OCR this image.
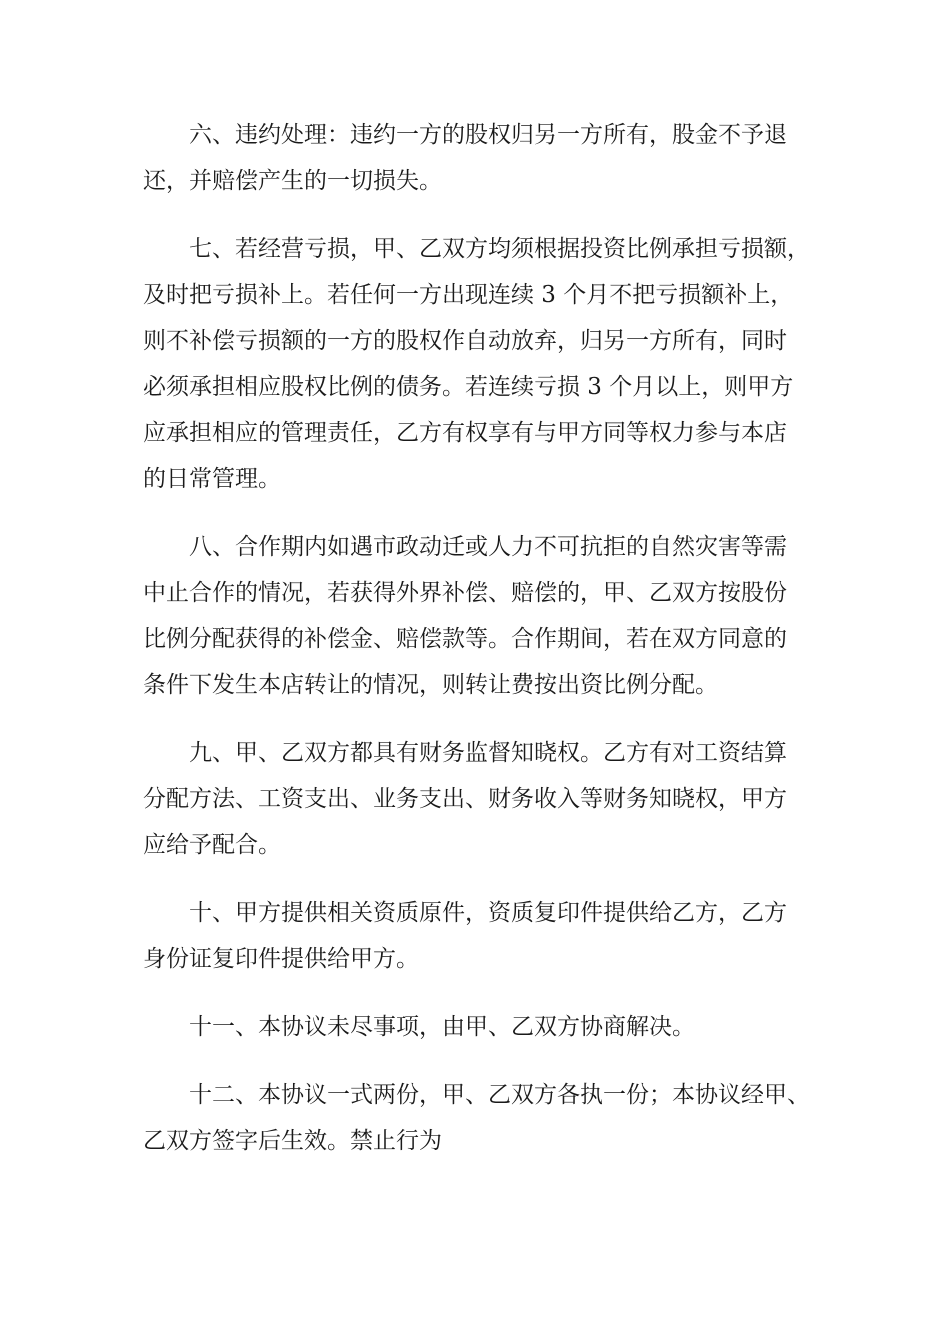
六、违约处理：违约一方的股权归另一方所有，股金不予退
还，并赔偿产生的一切损失。
七、若经营亏损，甲、乙双方均须根据投资比例承担亏损额，
及时把亏损补上。若任何一方出现连续 3 个月不把亏损额补上，
则不补偿亏损额的一方的股权作自动放弃，归另一方所有，同时
必须承担相应股权比例的债务。若连续亏损 3 个月以上，则甲方
应承担相应的管理责任，乙方有权享有与甲方同等权力参与本店
的日常管理。
八、合作期内如遇市政动迁或人力不可抗拒的自然灾害等需
中止合作的情况，若获得外界补偿、赔偿的，甲、乙双方按股份
比例分配获得的补偿金、赔偿款等。合作期间，若在双方同意的
条件下发生本店转让的情况，则转让费按出资比例分配。
九、甲、乙双方都具有财务监督知晓权。乙方有对工资结算
分配方法、工资支出、业务支出、财务收入等财务知晓权，甲方
应给予配合。
十、甲方提供相关资质原件，资质复印件提供给乙方，乙方
身份证复印件提供给甲方。
十一、本协议未尽事项，由甲、乙双方协商解决。
十二、本协议一式两份，甲、乙双方各执一份；本协议经甲、
乙双方签字后生效。禁止行为
